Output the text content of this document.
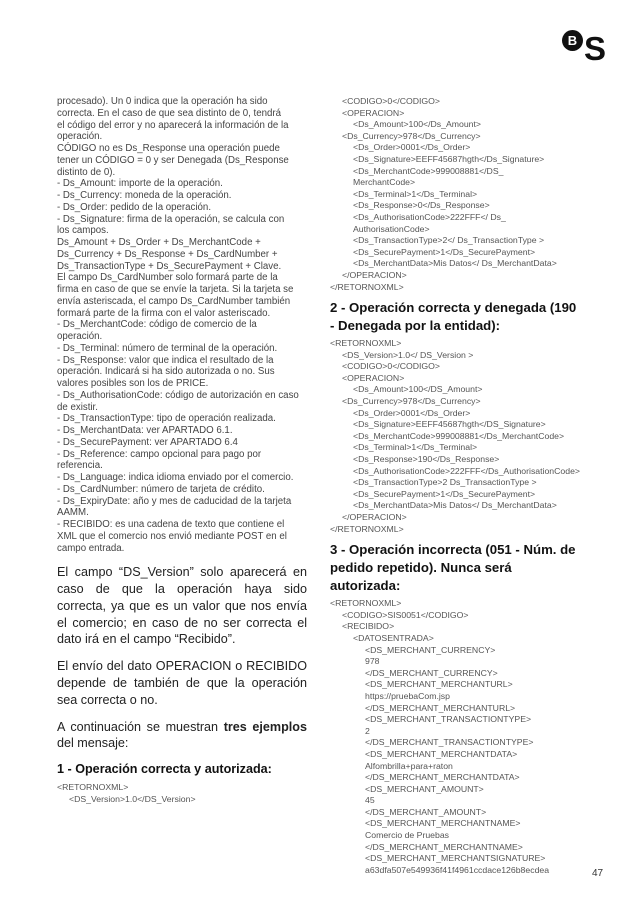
B S
procesado). Un 0 indica que la operación ha sido
correcta. En el caso de que sea distinto de 0, tendrá
el código del error y no aparecerá la información de la
operación.
CÓDIGO no es Ds_Response una operación puede
tener un CÓDIGO = 0 y ser Denegada (Ds_Response
distinto de 0).
- Ds_Amount: importe de la operación.
- Ds_Currency: moneda de la operación.
- Ds_Order: pedido de la operación.
- Ds_Signature: firma de la operación, se calcula con
los campos.
Ds_Amount + Ds_Order + Ds_MerchantCode +
Ds_Currency + Ds_Response + Ds_CardNumber +
Ds_TransactionType + Ds_SecurePayment + Clave.
El campo Ds_CardNumber solo formará parte de la
firma en caso de que se envíe la tarjeta. Si la tarjeta se
envía asteriscada, el campo Ds_CardNumber también
formará parte de la firma con el valor asteriscado.
- Ds_MerchantCode: código de comercio de la
operación.
- Ds_Terminal: número de terminal de la operación.
- Ds_Response: valor que indica el resultado de la
operación. Indicará si ha sido autorizada o no. Sus
valores posibles son los de PRICE.
- Ds_AuthorisationCode: código de autorización en caso
de existir.
- Ds_TransactionType: tipo de operación realizada.
- Ds_MerchantData: ver APARTADO 6.1.
- Ds_SecurePayment: ver APARTADO 6.4
- Ds_Reference: campo opcional para pago por
referencia.
- Ds_Language: indica idioma enviado por el comercio.
- Ds_CardNumber: número de tarjeta de crédito.
- Ds_ExpiryDate: año y mes de caducidad de la tarjeta
AAMM.
- RECIBIDO: es una cadena de texto que contiene el
XML que el comercio nos envió mediante POST en el
campo entrada.
El campo “DS_Version” solo aparecerá en caso de que la operación haya sido correcta, ya que es un valor que nos envía el comercio; en caso de no ser correcta el dato irá en el campo “Recibido”.
El envío del dato OPERACION o RECIBIDO depende de también de que la operación sea correcta o no.
A continuación se muestran tres ejemplos del mensaje:
1 - Operación correcta y autorizada:
<RETORNOXML>
<DS_Version>1.0</DS_Version>
<CODIGO>0</CODIGO>
<OPERACION>
<Ds_Amount>100</Ds_Amount>
<Ds_Currency>978</Ds_Currency>
<Ds_Order>0001</Ds_Order>
<Ds_Signature>EEFF45687hgth</Ds_Signature>
<Ds_MerchantCode>999008881</DS_
MerchantCode>
<Ds_Terminal>1</Ds_Terminal>
<Ds_Response>0</Ds_Response>
<Ds_AuthorisationCode>222FFF</ Ds_
AuthorisationCode>
<Ds_TransactionType>2</ Ds_TransactionType >
<Ds_SecurePayment>1</Ds_SecurePayment>
<Ds_MerchantData>Mis Datos</ Ds_MerchantData>
</OPERACION>
</RETORNOXML>
2 - Operación correcta y denegada (190 - Denegada por la entidad):
<RETORNOXML>
<DS_Version>1.0</ DS_Version >
<CODIGO>0</CODIGO>
<OPERACION>
<Ds_Amount>100</DS_Amount>
<Ds_Currency>978</Ds_Currency>
<Ds_Order>0001</Ds_Order>
<Ds_Signature>EEFF45687hgth</DS_Signature>
<Ds_MerchantCode>999008881</Ds_MerchantCode>
<Ds_Terminal>1</Ds_Terminal>
<Ds_Response>190</Ds_Response>
<Ds_AuthorisationCode>222FFF</Ds_AuthorisationCode>
<Ds_TransactionType>2 Ds_TransactionType >
<Ds_SecurePayment>1</Ds_SecurePayment>
<Ds_MerchantData>Mis Datos</ Ds_MerchantData>
</OPERACION>
</RETORNOXML>
3 - Operación incorrecta (051 - Núm. de pedido repetido). Nunca será autorizada:
<RETORNOXML>
<CODIGO>SIS0051</CODIGO>
<RECIBIDO>
<DATOSENTRADA>
<DS_MERCHANT_CURRENCY>
978
</DS_MERCHANT_CURRENCY>
<DS_MERCHANT_MERCHANTURL>
https://pruebaCom.jsp
</DS_MERCHANT_MERCHANTURL>
<DS_MERCHANT_TRANSACTIONTYPE>
2
</DS_MERCHANT_TRANSACTIONTYPE>
<DS_MERCHANT_MERCHANTDATA>
Alfombrilla+para+raton
</DS_MERCHANT_MERCHANTDATA>
<DS_MERCHANT_AMOUNT>
45
</DS_MERCHANT_AMOUNT>
<DS_MERCHANT_MERCHANTNAME>
Comercio de Pruebas
</DS_MERCHANT_MERCHANTNAME>
<DS_MERCHANT_MERCHANTSIGNATURE>
a63dfa507e549936f41f4961ccdace126b8ecdea	47
